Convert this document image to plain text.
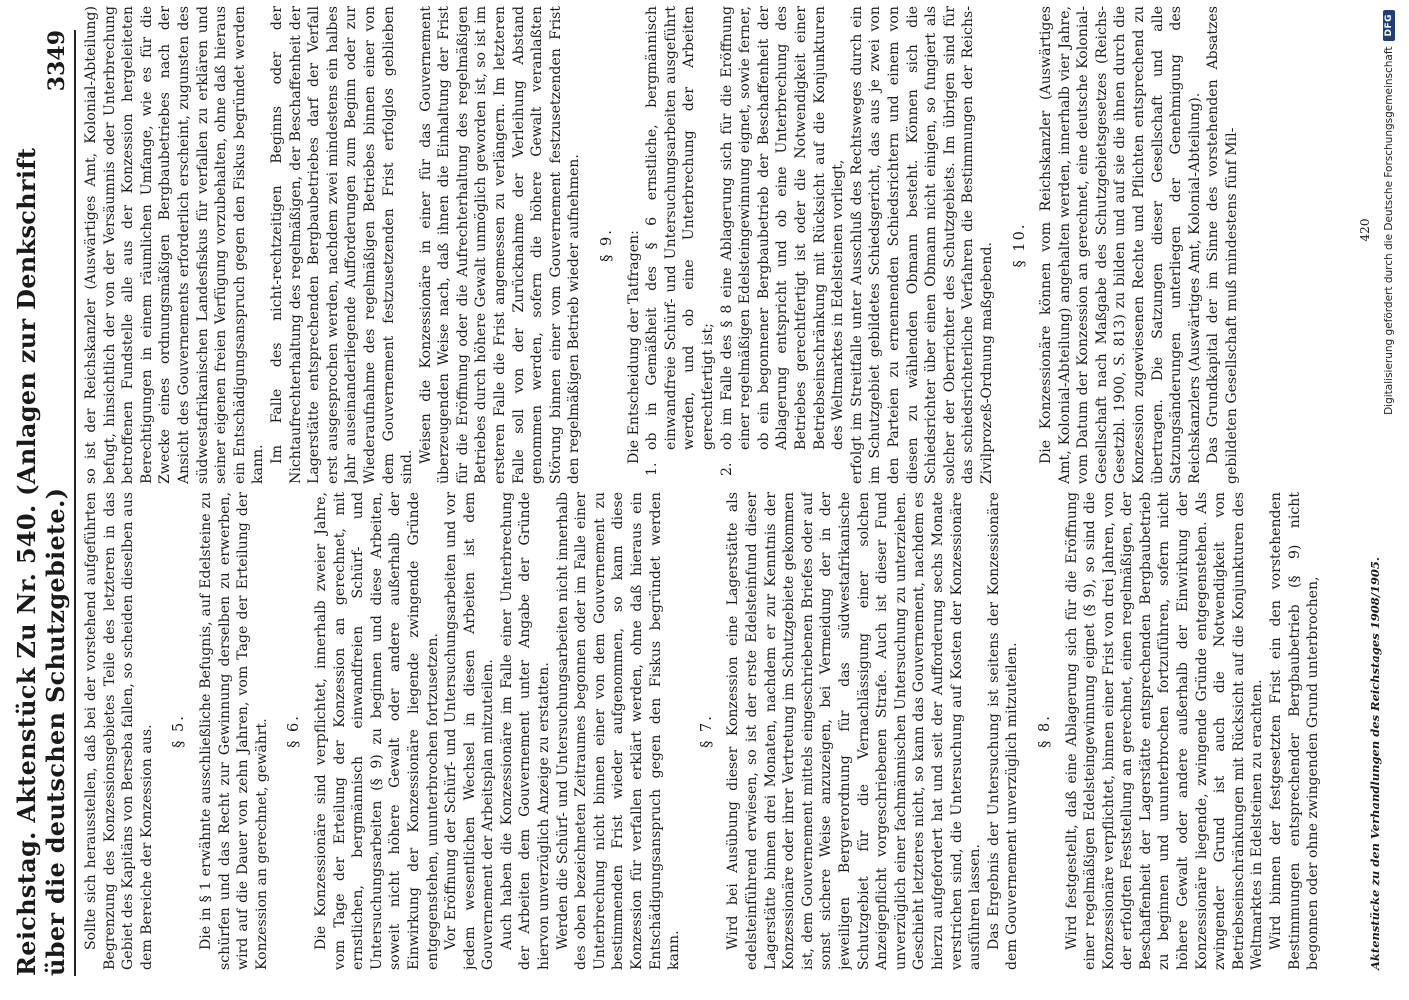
Reichstag. Aktenstück Zu Nr. 540. (Anlagen zur Denkschrift über die deutschen Schutzgebiete.)
3349

Sollte sich herausstellen, daß bei der vorstehend aufgeführten Begrenzung des Konzessionsgebietes Teile des letzteren in das Gebiet des Kapitäns von Berseba fallen, so scheiden dieselben aus dem Bereiche der Konzession aus. § 5. Die in § 1 erwähnte ausschließliche Befugnis, auf Edelsteine zu schürfen und das Recht zur Gewinnung derselben zu erwerben, wird auf die Dauer von zehn Jahren, vom Tage der Erteilung der Konzession an gerechnet, gewährt. § 6. Die Konzessionäre sind verpflichtet, innerhalb zweier Jahre, vom Tage der Erteilung der Konzession an gerechnet, mit ernstlichen, bergmännisch einwandfreien Schürf- und Untersuchungsarbeiten (§ 9) zu beginnen und diese Arbeiten, soweit nicht höhere Gewalt oder andere außerhalb der Einwirkung der Konzessionäre liegende zwingende Gründe entgegenstehen, ununterbrochen fortzusetzen. Vor Eröffnung der Schürf- und Untersuchungsarbeiten und vor jedem wesentlichen Wechsel in diesen Arbeiten ist dem Gouvernement der Arbeitsplan mitzuteilen. Auch haben die Konzessionäre im Falle einer Unterbrechung der Arbeiten dem Gouvernement unter Angabe der Gründe hiervon unverzüglich Anzeige zu erstatten. Werden die Schürf- und Untersuchungsarbeiten nicht innerhalb des oben bezeichneten Zeitraumes begonnen oder im Falle einer Unterbrechung nicht binnen einer von dem Gouvernement zu bestimmenden Frist wieder aufgenommen, so kann diese Konzession für verfallen erklärt werden, ohne daß hieraus ein Entschädigungsanspruch gegen den Fiskus begründet werden kann.

§ 7. Wird bei Ausübung dieser Konzession eine Lagerstätte als edelsteinführend erwiesen, so ist der erste Edelsteinfund dieser Lagerstätte binnen drei Monaten, nachdem er zur Kenntnis der Konzessionäre oder ihrer Vertretung im Schutzgebiete gekommen ist, dem Gouvernement mittels eingeschriebenen Briefes oder auf sonst sichere Weise anzuzeigen, bei Vermeidung der in der jeweiligen Bergverordnung für das südwestafrikanische Schutzgebiet für die Vernachlässigung einer solchen Anzeigepflicht vorgeschriebenen Strafe. Auch ist dieser Fund unverzüglich einer fachmännischen Untersuchung zu unterziehen. Geschieht letzteres nicht, so kann das Gouvernement, nachdem es hierzu aufgefordert hat und seit der Aufforderung sechs Monate verstrichen sind, die Untersuchung auf Kosten der Konzessionäre ausführen lassen. Das Ergebnis der Untersuchung ist seitens der Konzessionäre dem Gouvernement unverzüglich mitzuteilen. § 8. Wird festgestellt, daß eine Ablagerung sich für die Eröffnung einer regelmäßigen Edelsteingewinnung eignet (§ 9), so sind die Konzessionäre verpflichtet, binnen einer Frist von drei Jahren, von der erfolgten Feststellung an gerechnet, einen regelmäßigen, der Beschaffenheit der Lagerstätte entsprechenden Bergbaubetrieb zu beginnen und ununterbrochen fortzuführen, sofern nicht höhere Gewalt oder andere außerhalb der Einwirkung der Konzessionäre liegende, zwingende Gründe entgegenstehen. Als zwingender Grund ist auch die Notwendigkeit von Betriebseinschränkungen mit Rücksicht auf die Konjunkturen des Weltmarktes in Edelsteinen zu erachten. Wird binnen der festgesetzten Frist ein den vorstehenden Bestimmungen entsprechender Bergbaubetrieb (§ 9) nicht begonnen oder ohne zwingenden Grund unterbrochen,

so ist der Reichskanzler (Auswärtiges Amt, Kolonial-Abteilung) befugt, hinsichtlich der von der Versäumnis oder Unterbrechung betroffenen Fundstelle alle aus der Konzession hergeleiteten Berechtigungen in einem räumlichen Umfange, wie es für die Zwecke eines ordnungsmäßigen Bergbaubetriebes nach der Ansicht des Gouvernements erforderlich erscheint, zugunsten des südwestafrikanischen Landesfiskus für verfallen zu erklären und seiner eigenen freien Verfügung vorzubehalten, ohne daß hieraus ein Entschädigungsanspruch gegen den Fiskus begründet werden kann.

Im Falle des nicht-rechtzeitigen Beginns oder der Nichtaufrechterhaltung des regelmäßigen, der Beschaffenheit der Lagerstätte entsprechenden Bergbaubetriebes darf der Verfall erst ausgesprochen werden, nachdem zwei mindestens ein halbes Jahr auseinanderliegende Aufforderungen zum Beginn oder zur Wiederaufnahme des regelmäßigen Betriebes binnen einer von dem Gouvernement festzusetzenden Frist erfolglos geblieben sind.

Weisen die Konzessionäre in einer für das Gouvernement überzeugenden Weise nach, daß ihnen die Einhaltung der Frist für die Eröffnung oder die Aufrechterhaltung des regelmäßigen Betriebes durch höhere Gewalt unmöglich geworden ist, so ist im ersteren Falle die Frist angemessen zu verlängern. Im letzteren Falle soll von der Zurücknahme der Verleihung Abstand genommen werden, sofern die höhere Gewalt veranlaßten Störung binnen einer vom Gouvernement festzusetzenden Frist den regelmäßigen Betrieb wieder aufnehmen. § 9. Die Entscheidung der Tatfragen:

1.
ob in Gemäßheit des § 6 ernstliche, bergmännisch einwandfreie Schürf- und Untersuchungsarbeiten ausgeführt werden, und ob eine Unterbrechung der Arbeiten gerechtfertigt ist;
2.
ob im Falle des § 8 eine Ablagerung sich für die Eröffnung einer regelmäßigen Edelsteingewinnung eignet, sowie ferner, ob ein begonnener Bergbaubetrieb der Beschaffenheit der Ablagerung entspricht und ob eine Unterbrechung des Betriebes gerechtfertigt ist oder die Notwendigkeit einer Betriebseinschränkung mit Rücksicht auf die Konjunkturen des Weltmarktes in Edelsteinen vorliegt, erfolgt im Streitfalle unter Ausschluß des Rechtsweges durch ein im Schutzgebiet gebildetes Schiedsgericht, das aus je zwei von den Parteien zu ernennenden Schiedsrichtern und einem von diesen zu wählenden Obmann besteht. Können sich die Schiedsrichter über einen Obmann nicht einigen, so fungiert als solcher der Oberrichter des Schutzgebiets. Im übrigen sind für das schiedsrichterliche Verfahren die Bestimmungen der Reichs-Zivilprozeß-Ordnung maßgebend. § 10. Die Konzessionäre können vom Reichskanzler (Auswärtiges Amt, Kolonial-Abteilung) angehalten werden, innerhalb vier Jahre, vom Datum der Konzession an gerechnet, eine deutsche Kolonial-Gesellschaft nach Maßgabe des Schutzgebietsgesetzes (Reichs-Gesetzbl. 1900, S. 813) zu bilden und auf sie die ihnen durch die Konzession zugewiesenen Rechte und Pflichten entsprechend zu übertragen. Die Satzungen dieser Gesellschaft und alle Satzungsänderungen unterliegen der Genehmigung des Reichskanzlers (Auswärtiges Amt, Kolonial-Abteilung). Das Grundkapital der im Sinne des vorstehenden Absatzes gebildeten Gesellschaft muß mindestens fünf Mil-

Aktenstücke zu den Verhandlungen des Reichstages 1908/1905.
420 Digitalisierung gefördert durch die Deutsche Forschungsgemeinschaft
DFG
